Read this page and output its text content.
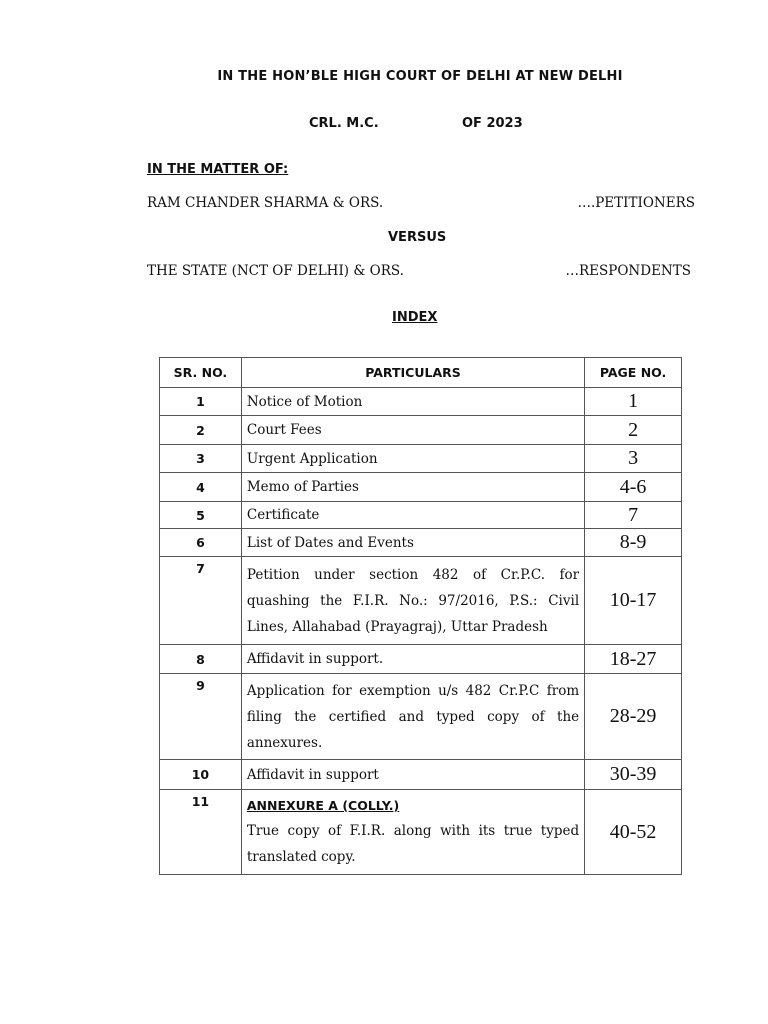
IN THE HON’BLE HIGH COURT OF DELHI AT NEW DELHI
CRL. M.C.	OF 2023
IN THE MATTER OF:
RAM CHANDER SHARMA & ORS.	….PETITIONERS
VERSUS
THE STATE (NCT OF DELHI) & ORS.	…RESPONDENTS
INDEX
SR. NO.	PARTICULARS	PAGE NO.
1	Notice of Motion	1
2	Court Fees	2
3	Urgent Application	3
4	Memo of Parties	4-6
5	Certificate	7
6	List of Dates and Events	8-9
7	Petition under section 482 of Cr.P.C. for quashing the F.I.R. No.: 97/2016, P.S.: Civil Lines, Allahabad (Prayagraj), Uttar Pradesh	10-17
8	Affidavit in support.	18-27
9	Application for exemption u/s 482 Cr.P.C from filing the certified and typed copy of the annexures.	28-29
10	Affidavit in support	30-39
11	ANNEXURE A (COLLY.)
True copy of F.I.R. along with its true typed translated copy.	40-52
